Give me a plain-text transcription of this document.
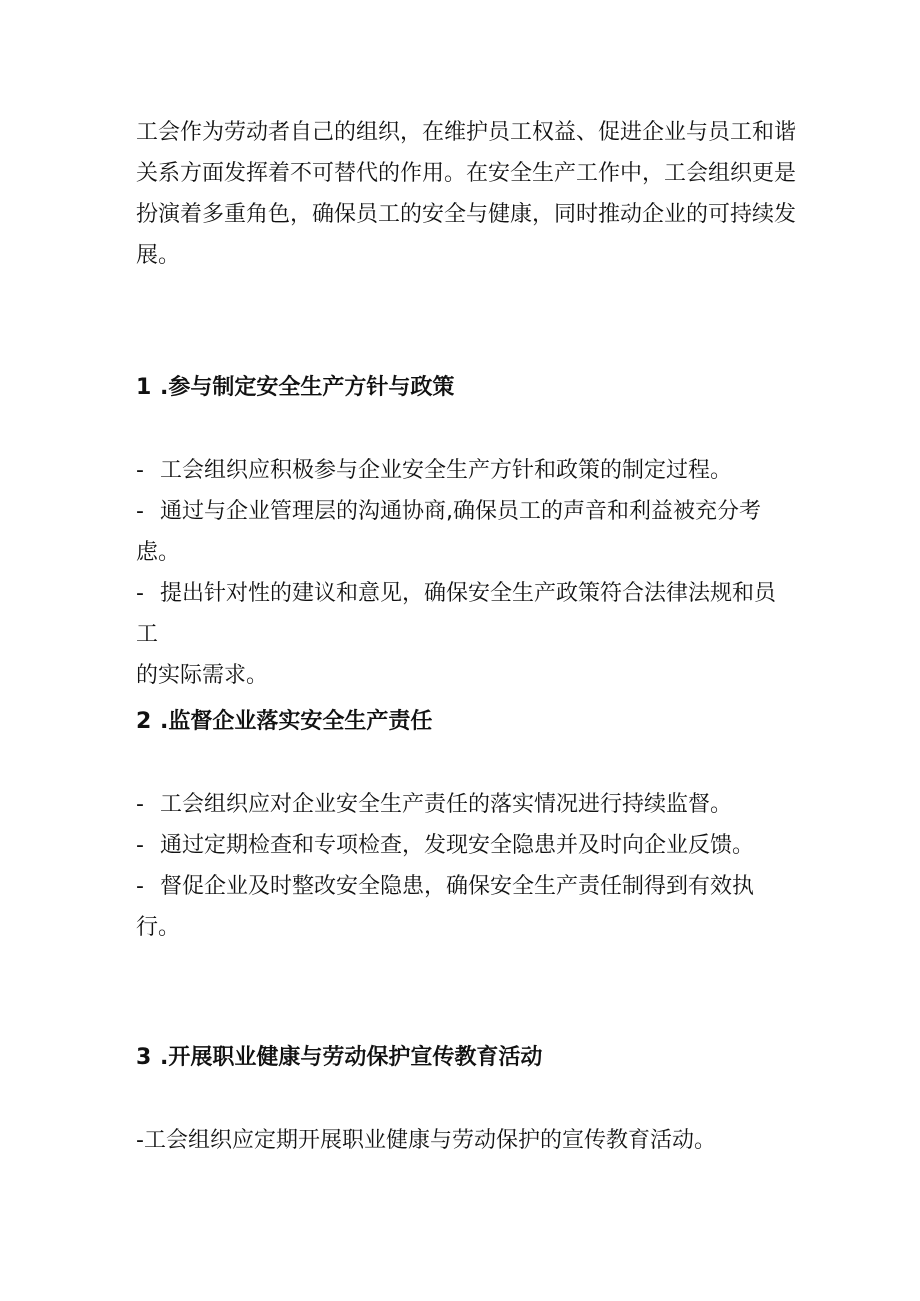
工会作为劳动者自己的组织，在维护员工权益、促进企业与员工和谐
关系方面发挥着不可替代的作用。在安全生产工作中，工会组织更是
扮演着多重角色，确保员工的安全与健康，同时推动企业的可持续发
展。

1 .参与制定安全生产方针与政策
- 工会组织应积极参与企业安全生产方针和政策的制定过程。
- 通过与企业管理层的沟通协商,确保员工的声音和利益被充分考虑。
- 提出针对性的建议和意见，确保安全生产政策符合法律法规和员工
的实际需求。
2 .监督企业落实安全生产责任
- 工会组织应对企业安全生产责任的落实情况进行持续监督。
- 通过定期检查和专项检查，发现安全隐患并及时向企业反馈。
- 督促企业及时整改安全隐患，确保安全生产责任制得到有效执
行。
3 .开展职业健康与劳动保护宣传教育活动
-工会组织应定期开展职业健康与劳动保护的宣传教育活动。
